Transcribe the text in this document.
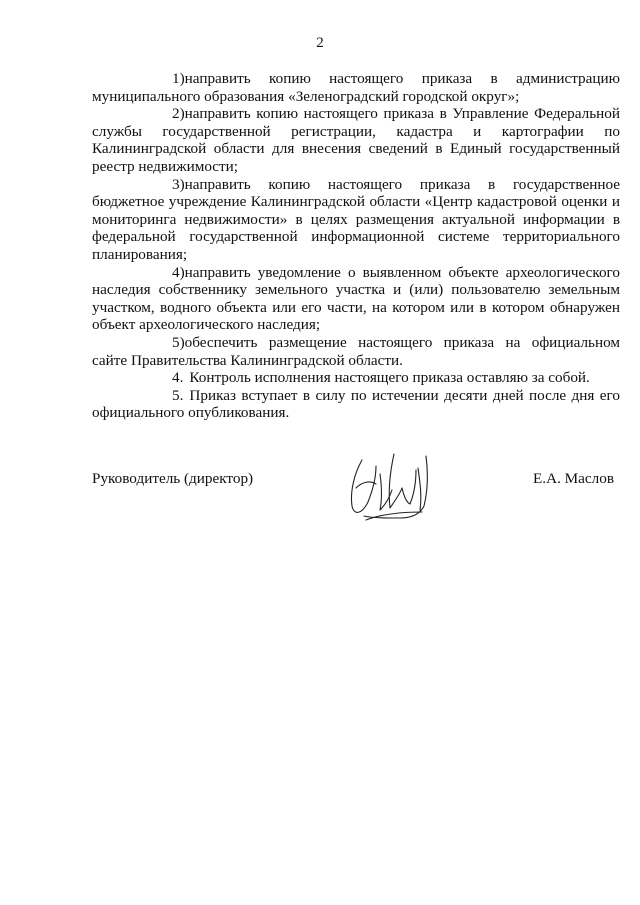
2

1)направить копию настоящего приказа в администрацию муниципального образования «Зеленоградский городской округ»;

2)направить копию настоящего приказа в Управление Федеральной службы государственной регистрации, кадастра и картографии по Калининградской области для внесения сведений в Единый государственный реестр недвижимости;

3)направить копию настоящего приказа в государственное бюджетное учреждение Калининградской области «Центр кадастровой оценки и мониторинга недвижимости» в целях размещения актуальной информации в федеральной государственной информационной системе территориального планирования;

4)направить уведомление о выявленном объекте археологического наследия собственнику земельного участка и (или) пользователю земельным участком, водного объекта или его части, на котором или в котором обнаружен объект археологического наследия;

5)обеспечить размещение настоящего приказа на официальном сайте Правительства Калининградской области.

4. Контроль исполнения настоящего приказа оставляю за собой.

5. Приказ вступает в силу по истечении десяти дней после дня его официального опубликования.

Руководитель (директор)	Е.А. Маслов
